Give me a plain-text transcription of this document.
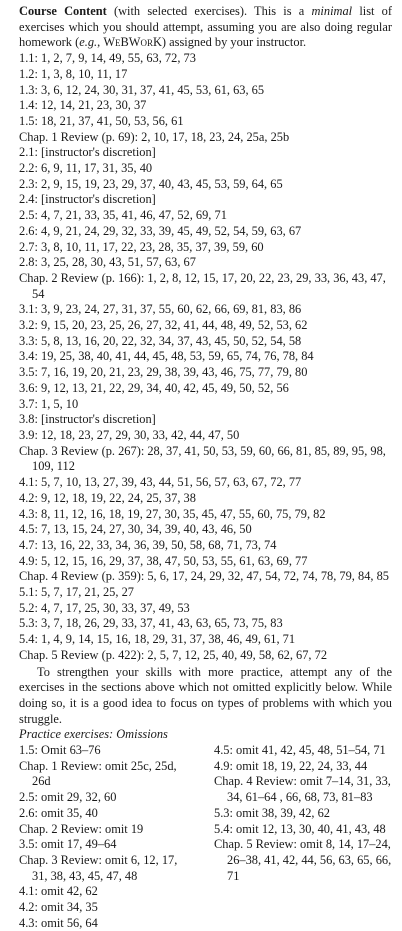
Course Content (with selected exercises). This is a minimal list of exercises which you should attempt, assuming you are also doing regular homework (e.g., WeBWorK) assigned by your instructor.

1.1: 1, 2, 7, 9, 14, 49, 55, 63, 72, 73
1.2: 1, 3, 8, 10, 11, 17
1.3: 3, 6, 12, 24, 30, 31, 37, 41, 45, 53, 61, 63, 65
1.4: 12, 14, 21, 23, 30, 37
1.5: 18, 21, 37, 41, 50, 53, 56, 61
Chap. 1 Review (p. 69): 2, 10, 17, 18, 23, 24, 25a, 25b
2.1: [instructor's discretion]
2.2: 6, 9, 11, 17, 31, 35, 40
2.3: 2, 9, 15, 19, 23, 29, 37, 40, 43, 45, 53, 59, 64, 65
2.4: [instructor's discretion]
2.5: 4, 7, 21, 33, 35, 41, 46, 47, 52, 69, 71
2.6: 4, 9, 21, 24, 29, 32, 33, 39, 45, 49, 52, 54, 59, 63, 67
2.7: 3, 8, 10, 11, 17, 22, 23, 28, 35, 37, 39, 59, 60
2.8: 3, 25, 28, 30, 43, 51, 57, 63, 67
Chap. 2 Review (p. 166): 1, 2, 8, 12, 15, 17, 20, 22, 23, 29, 33, 36, 43, 47, 54
3.1: 3, 9, 23, 24, 27, 31, 37, 55, 60, 62, 66, 69, 81, 83, 86
3.2: 9, 15, 20, 23, 25, 26, 27, 32, 41, 44, 48, 49, 52, 53, 62
3.3: 5, 8, 13, 16, 20, 22, 32, 34, 37, 43, 45, 50, 52, 54, 58
3.4: 19, 25, 38, 40, 41, 44, 45, 48, 53, 59, 65, 74, 76, 78, 84
3.5: 7, 16, 19, 20, 21, 23, 29, 38, 39, 43, 46, 75, 77, 79, 80
3.6: 9, 12, 13, 21, 22, 29, 34, 40, 42, 45, 49, 50, 52, 56
3.7: 1, 5, 10
3.8: [instructor's discretion]
3.9: 12, 18, 23, 27, 29, 30, 33, 42, 44, 47, 50
Chap. 3 Review (p. 267): 28, 37, 41, 50, 53, 59, 60, 66, 81, 85, 89, 95, 98, 109, 112
4.1: 5, 7, 10, 13, 27, 39, 43, 44, 51, 56, 57, 63, 67, 72, 77
4.2: 9, 12, 18, 19, 22, 24, 25, 37, 38
4.3: 8, 11, 12, 16, 18, 19, 27, 30, 35, 45, 47, 55, 60, 75, 79, 82
4.5: 7, 13, 15, 24, 27, 30, 34, 39, 40, 43, 46, 50
4.7: 13, 16, 22, 33, 34, 36, 39, 50, 58, 68, 71, 73, 74
4.9: 5, 12, 15, 16, 29, 37, 38, 47, 50, 53, 55, 61, 63, 69, 77
Chap. 4 Review (p. 359): 5, 6, 17, 24, 29, 32, 47, 54, 72, 74, 78, 79, 84, 85
5.1: 5, 7, 17, 21, 25, 27
5.2: 4, 7, 17, 25, 30, 33, 37, 49, 53
5.3: 3, 7, 18, 26, 29, 33, 37, 41, 43, 63, 65, 73, 75, 83
5.4: 1, 4, 9, 14, 15, 16, 18, 29, 31, 37, 38, 46, 49, 61, 71
Chap. 5 Review (p. 422): 2, 5, 7, 12, 25, 40, 49, 58, 62, 67, 72

To strengthen your skills with more practice, attempt any of the exercises in the sections above which not omitted explicitly below. While doing so, it is a good idea to focus on types of problems with which you struggle.

Practice exercises: Omissions

1.5: Omit 63–76
Chap. 1 Review: omit 25c, 25d, 26d
2.5: omit 29, 32, 60
2.6: omit 35, 40
Chap. 2 Review: omit 19
3.5: omit 17, 49–64
Chap. 3 Review: omit 6, 12, 17, 31, 38, 43, 45, 47, 48
4.1: omit 42, 62
4.2: omit 34, 35
4.3: omit 56, 64
4.5: omit 41, 42, 45, 48, 51–54, 71
4.9: omit 18, 19, 22, 24, 33, 44
Chap. 4 Review: omit 7–14, 31, 33, 34, 61–64 , 66, 68, 73, 81–83
5.3: omit 38, 39, 42, 62
5.4: omit 12, 13, 30, 40, 41, 43, 48
Chap. 5 Review: omit 8, 14, 17–24, 26–38, 41, 42, 44, 56, 63, 65, 66, 71
